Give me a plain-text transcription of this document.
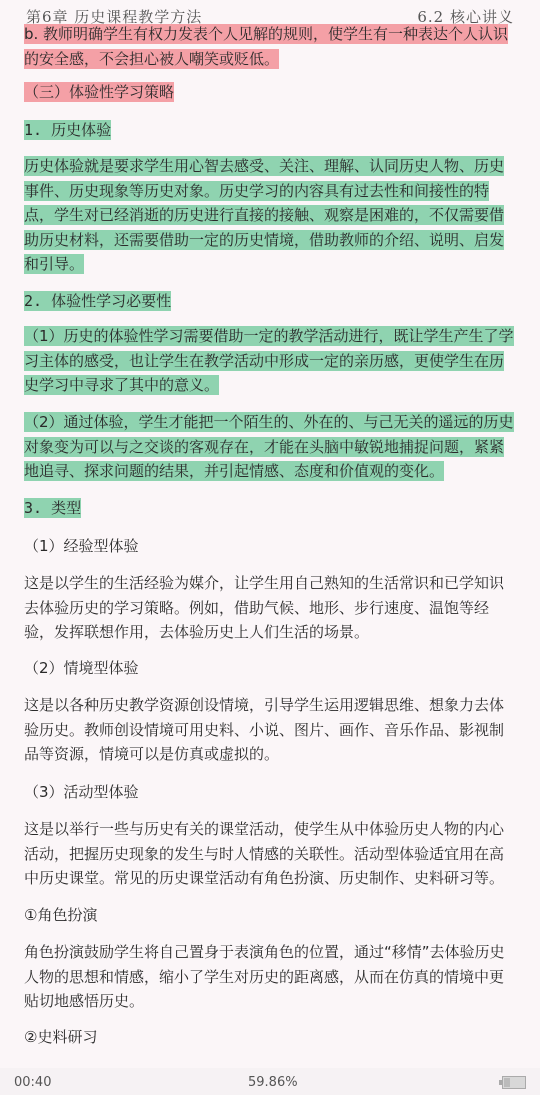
第6章 历史课程教学方法	6.2 核心讲义
b. 教师明确学生有权力发表个人见解的规则，使学生有一种表达个人认识
的安全感，不会担心被人嘲笑或贬低。
（三）体验性学习策略
1. 历史体验
历史体验就是要求学生用心智去感受、关注、理解、认同历史人物、历史
事件、历史现象等历史对象。历史学习的内容具有过去性和间接性的特
点，学生对已经消逝的历史进行直接的接触、观察是困难的，不仅需要借
助历史材料，还需要借助一定的历史情境，借助教师的介绍、说明、启发
和引导。
2. 体验性学习必要性
（1）历史的体验性学习需要借助一定的教学活动进行，既让学生产生了学
习主体的感受，也让学生在教学活动中形成一定的亲历感，更使学生在历
史学习中寻求了其中的意义。
（2）通过体验，学生才能把一个陌生的、外在的、与己无关的遥远的历史
对象变为可以与之交谈的客观存在，才能在头脑中敏锐地捕捉问题，紧紧
地追寻、探求问题的结果，并引起情感、态度和价值观的变化。
3. 类型
（1）经验型体验
这是以学生的生活经验为媒介，让学生用自己熟知的生活常识和已学知识
去体验历史的学习策略。例如，借助气候、地形、步行速度、温饱等经
验，发挥联想作用，去体验历史上人们生活的场景。
（2）情境型体验
这是以各种历史教学资源创设情境，引导学生运用逻辑思维、想象力去体
验历史。教师创设情境可用史料、小说、图片、画作、音乐作品、影视制
品等资源，情境可以是仿真或虚拟的。
（3）活动型体验
这是以举行一些与历史有关的课堂活动，使学生从中体验历史人物的内心
活动，把握历史现象的发生与时人情感的关联性。活动型体验适宜用在高
中历史课堂。常见的历史课堂活动有角色扮演、历史制作、史料研习等。
①角色扮演
角色扮演鼓励学生将自己置身于表演角色的位置，通过“移情”去体验历史
人物的思想和情感，缩小了学生对历史的距离感，从而在仿真的情境中更
贴切地感悟历史。
②史料研习
00:40	59.86%
